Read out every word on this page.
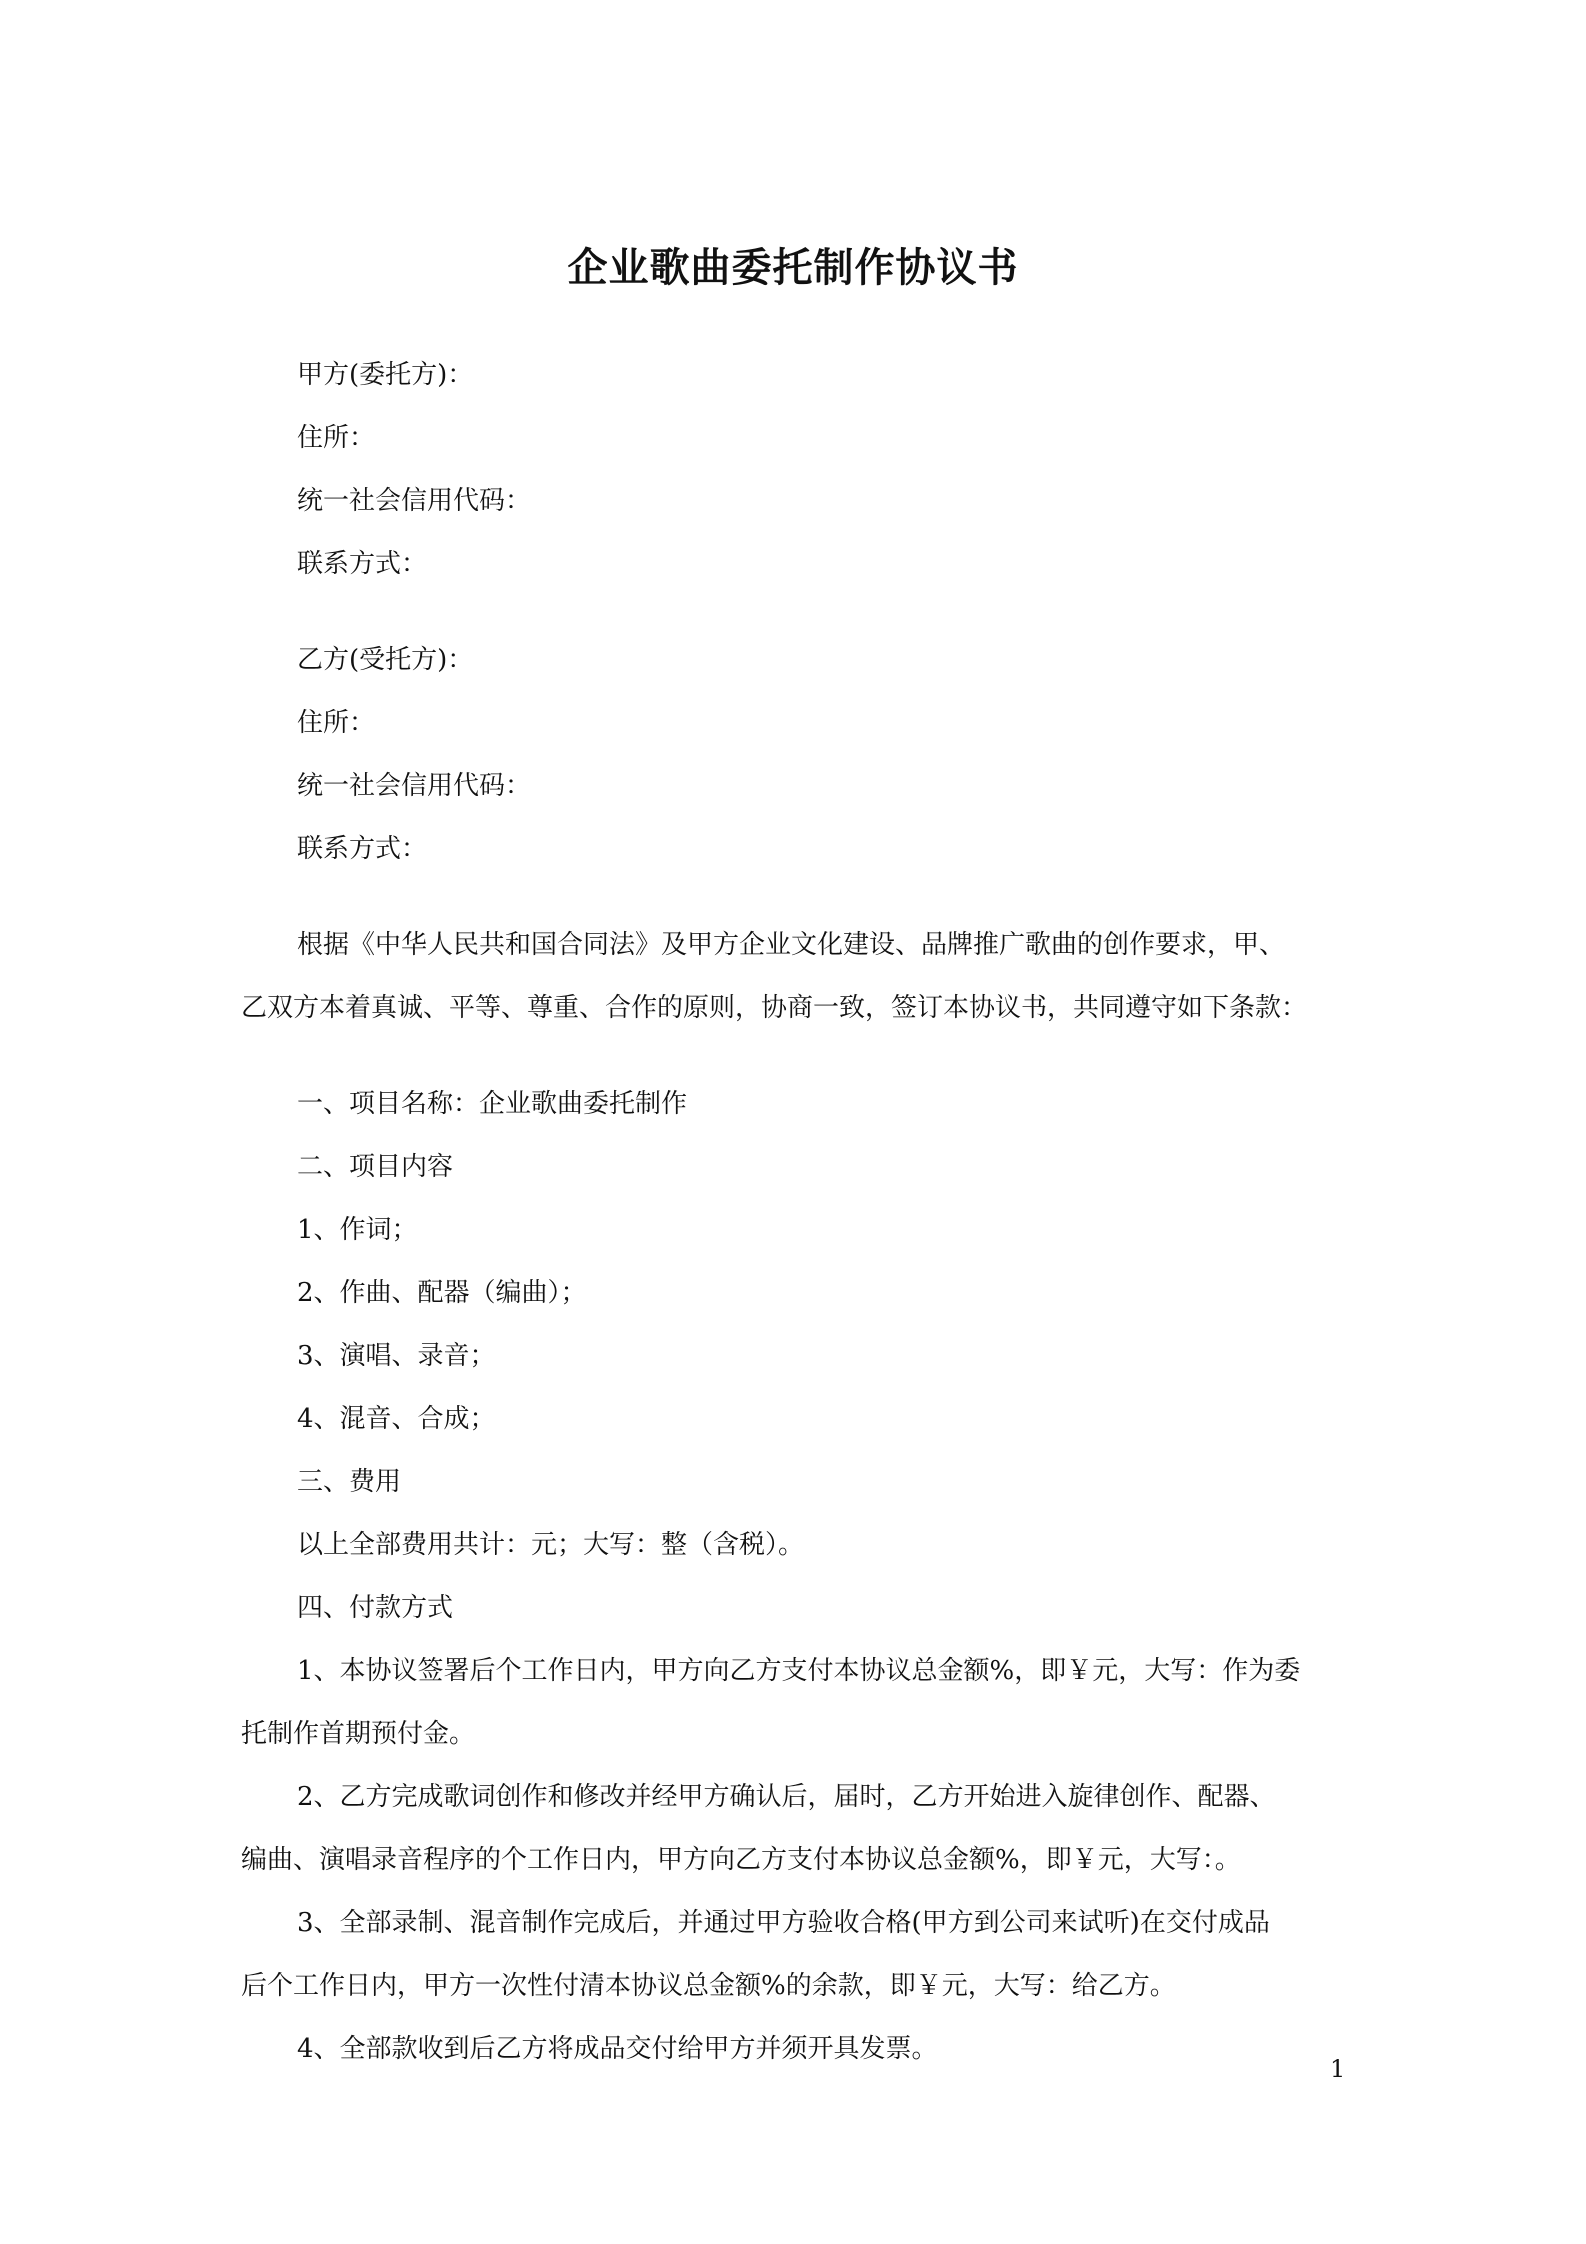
企业歌曲委托制作协议书
甲方(委托方)：
住所：
统一社会信用代码：
联系方式：
乙方(受托方)：
住所：
统一社会信用代码：
联系方式：
根据《中华人民共和国合同法》及甲方企业文化建设、品牌推广歌曲的创作要求，甲、
乙双方本着真诚、平等、尊重、合作的原则，协商一致，签订本协议书，共同遵守如下条款：
一、项目名称：企业歌曲委托制作
二、项目内容
1、作词；
2、作曲、配器（编曲）；
3、演唱、录音；
4、混音、合成；
三、费用
以上全部费用共计：元；大写：整（含税）。
四、付款方式
1、本协议签署后个工作日内，甲方向乙方支付本协议总金额%，即￥元，大写：作为委
托制作首期预付金。
2、乙方完成歌词创作和修改并经甲方确认后，届时，乙方开始进入旋律创作、配器、
编曲、演唱录音程序的个工作日内，甲方向乙方支付本协议总金额%，即￥元，大写：。
3、全部录制、混音制作完成后，并通过甲方验收合格(甲方到公司来试听)在交付成品
后个工作日内，甲方一次性付清本协议总金额%的余款，即￥元，大写：给乙方。
4、全部款收到后乙方将成品交付给甲方并须开具发票。
1
